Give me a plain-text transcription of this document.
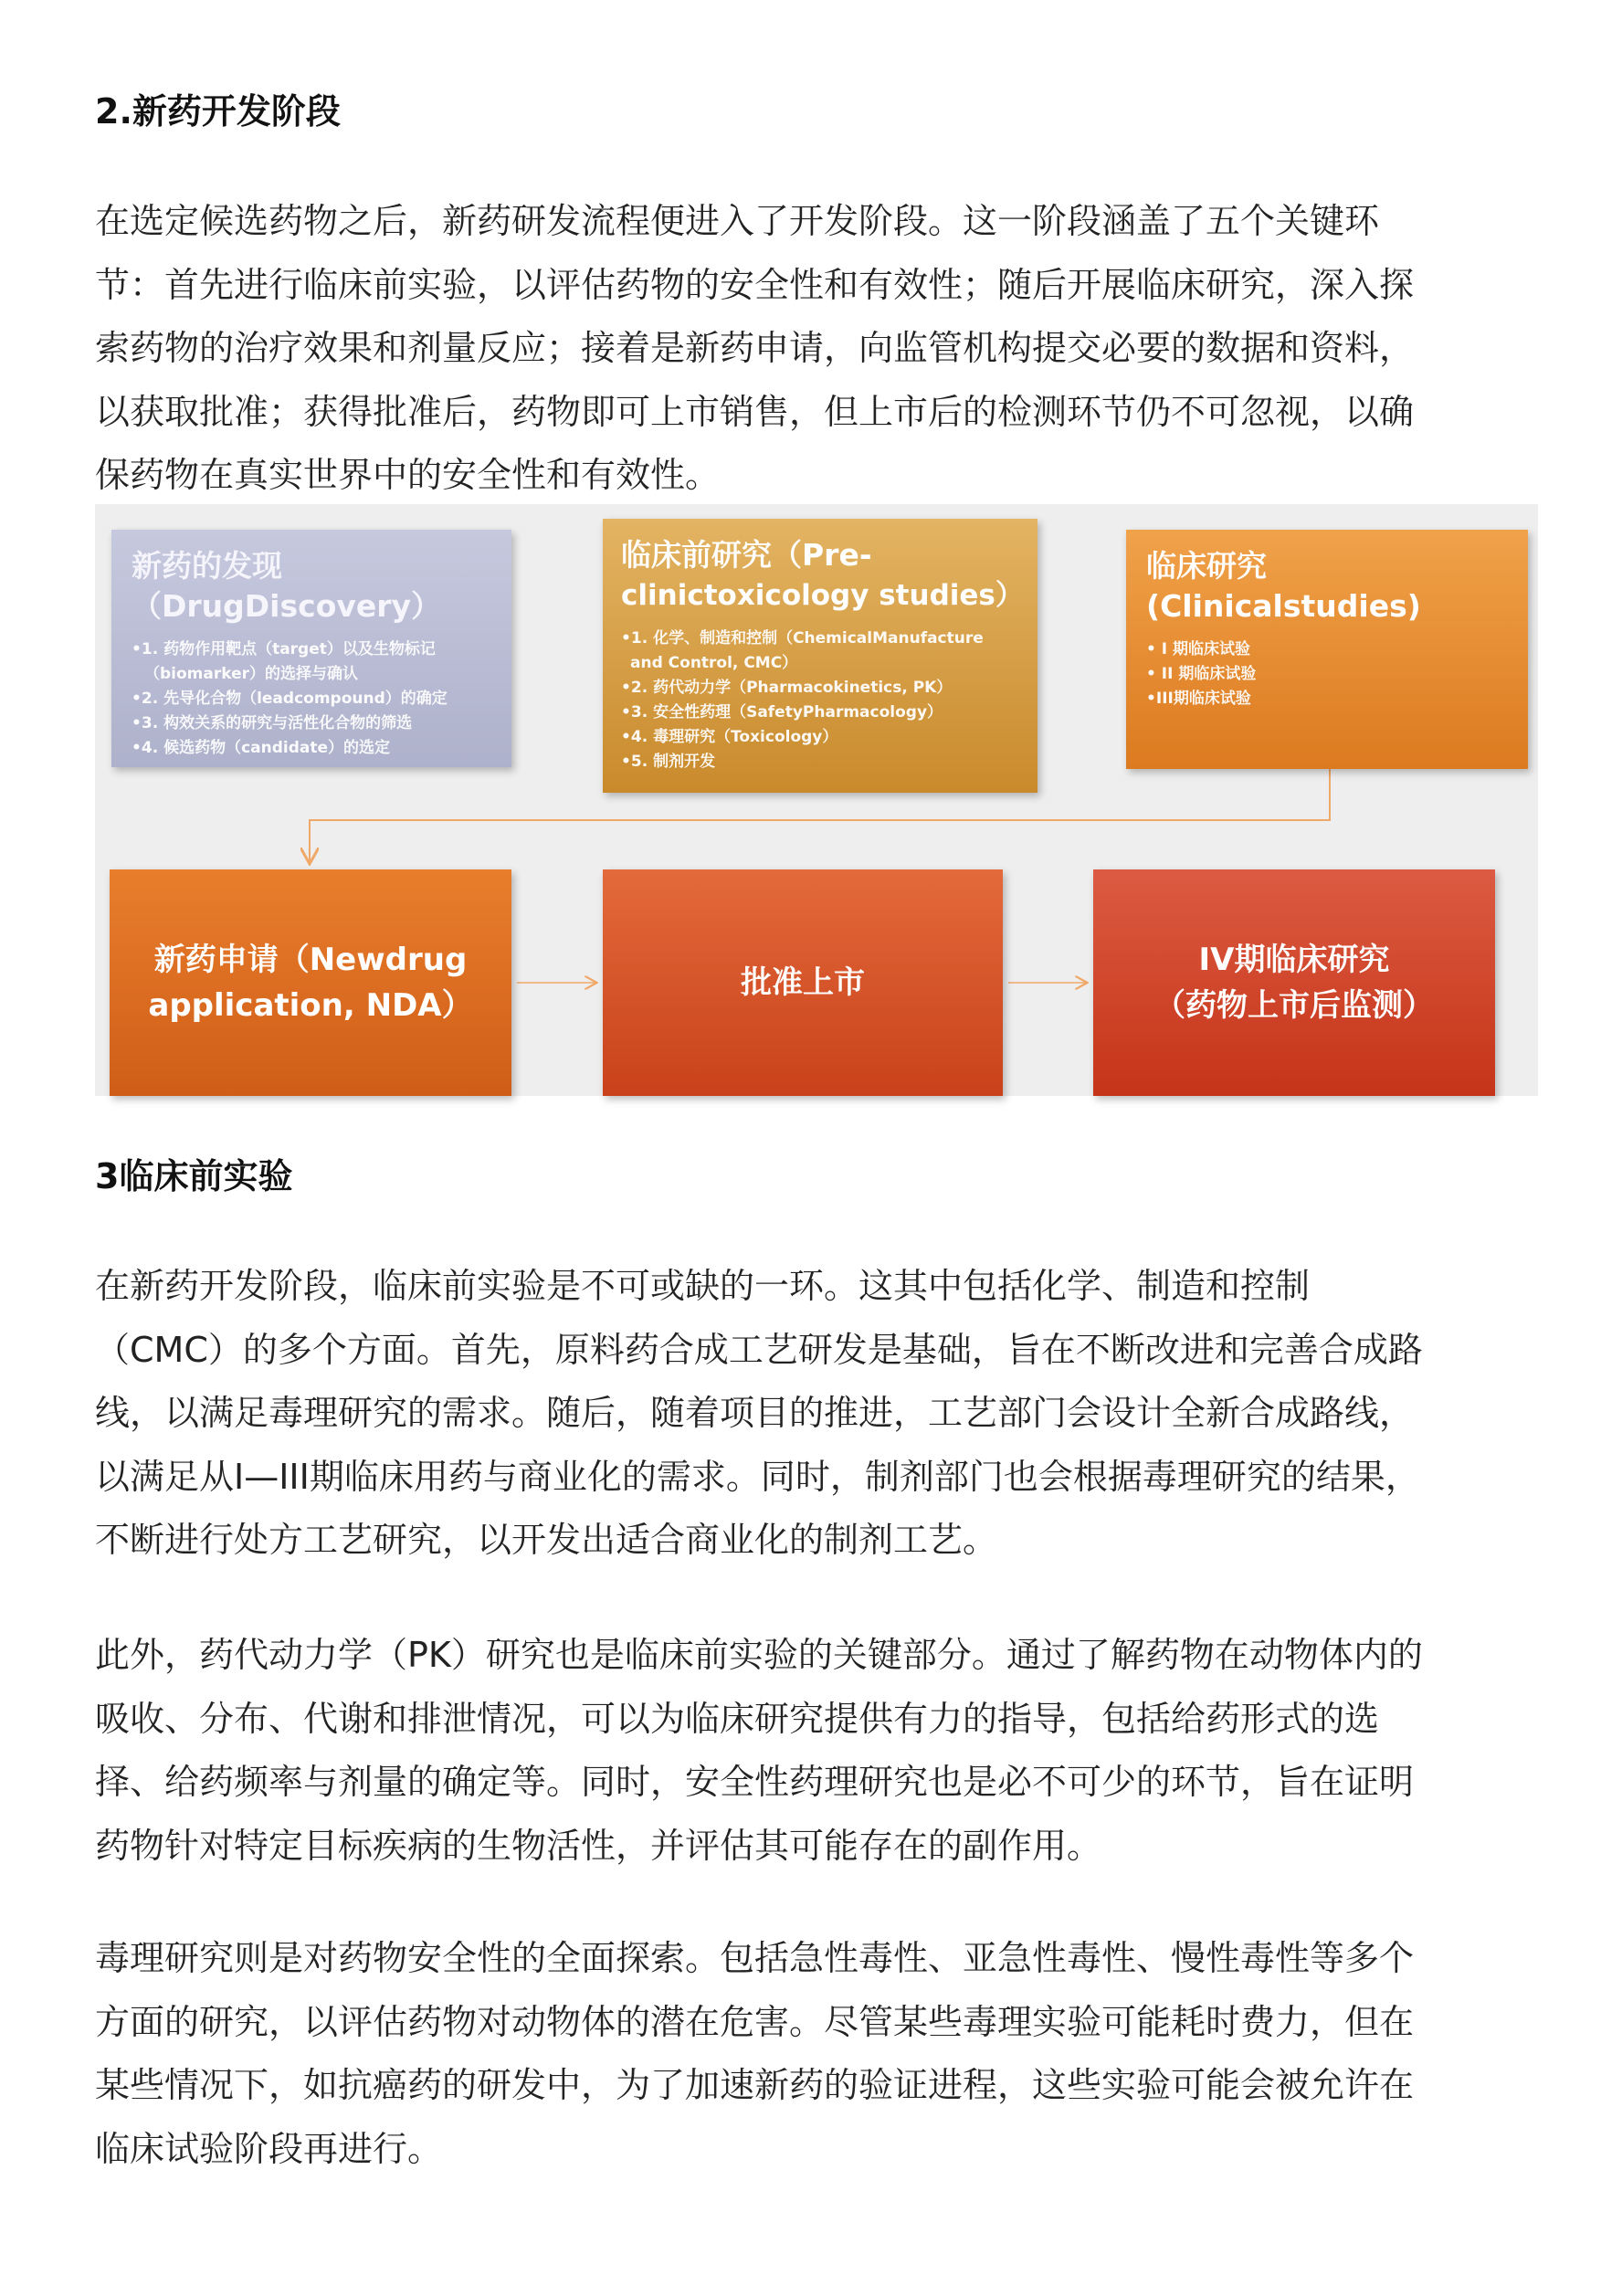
2.新药开发阶段
在选定候选药物之后，新药研发流程便进入了开发阶段。这一阶段涵盖了五个关键环
节：首先进行临床前实验，以评估药物的安全性和有效性；随后开展临床研究，深入探
索药物的治疗效果和剂量反应；接着是新药申请，向监管机构提交必要的数据和资料，
以获取批准；获得批准后，药物即可上市销售，但上市后的检测环节仍不可忽视，以确
保药物在真实世界中的安全性和有效性。
新药的发现
（DrugDiscovery）
•1. 药物作用靶点（target）以及生物标记
（biomarker）的选择与确认
•2. 先导化合物（leadcompound）的确定
•3. 构效关系的研究与活性化合物的筛选
•4. 候选药物（candidate）的选定
临床前研究（Pre-
clinictoxicology studies）
•1. 化学、制造和控制（ChemicalManufacture
and Control, CMC）
•2. 药代动力学（Pharmacokinetics, PK）
•3. 安全性药理（SafetyPharmacology）
•4. 毒理研究（Toxicology）
•5. 制剂开发
临床研究
(Clinicalstudies)
• I 期临床试验
• II 期临床试验
•III期临床试验
新药申请（Newdrug
application, NDA）
批准上市
IV期临床研究
（药物上市后监测）
3临床前实验
在新药开发阶段，临床前实验是不可或缺的一环。这其中包括化学、制造和控制
（CMC）的多个方面。首先，原料药合成工艺研发是基础，旨在不断改进和完善合成路
线，以满足毒理研究的需求。随后，随着项目的推进，工艺部门会设计全新合成路线，
以满足从I—III期临床用药与商业化的需求。同时，制剂部门也会根据毒理研究的结果，
不断进行处方工艺研究，以开发出适合商业化的制剂工艺。
此外，药代动力学（PK）研究也是临床前实验的关键部分。通过了解药物在动物体内的
吸收、分布、代谢和排泄情况，可以为临床研究提供有力的指导，包括给药形式的选
择、给药频率与剂量的确定等。同时，安全性药理研究也是必不可少的环节，旨在证明
药物针对特定目标疾病的生物活性，并评估其可能存在的副作用。
毒理研究则是对药物安全性的全面探索。包括急性毒性、亚急性毒性、慢性毒性等多个
方面的研究，以评估药物对动物体的潜在危害。尽管某些毒理实验可能耗时费力，但在
某些情况下，如抗癌药的研发中，为了加速新药的验证进程，这些实验可能会被允许在
临床试验阶段再进行。
